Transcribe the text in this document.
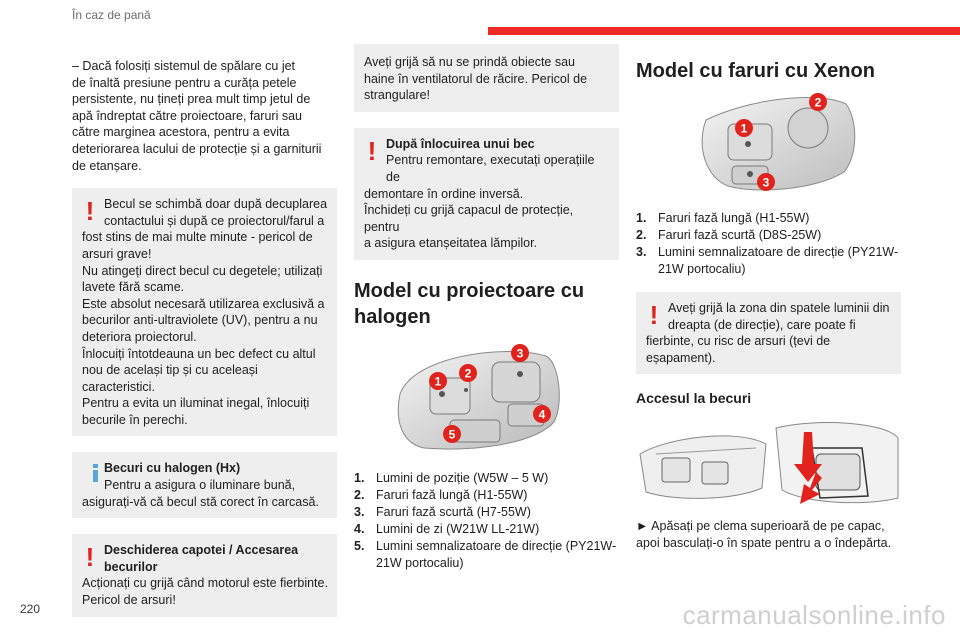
În caz de pană

– Dacă folosiți sistemul de spălare cu jet
de înaltă presiune pentru a curăța petele
persistente, nu țineți prea mult timp jetul de
apă îndreptat către proiectoare, faruri sau
către marginea acestora, pentru a evita
deteriorarea lacului de protecție și a garniturii
de etanșare.

! Becul se schimbă doar după decuplarea
contactului și după ce proiectorul/farul a
fost stins de mai multe minute - pericol de
arsuri grave!
Nu atingeți direct becul cu degetele; utilizați
lavete fără scame.
Este absolut necesară utilizarea exclusivă a
becurilor anti-ultraviolete (UV), pentru a nu
deteriora proiectorul.
Înlocuiți întotdeauna un bec defect cu altul
nou de același tip și cu aceleași caracteristici.
Pentru a evita un iluminat inegal, înlocuiți
becurile în perechi.
Becuri cu halogen (Hx)
Pentru a asigura o iluminare bună,
asigurați-vă că becul stă corect în carcasă.
! Deschiderea capotei / Accesarea
becurilor
Acționați cu grijă când motorul este fierbinte.
Pericol de arsuri!
Aveți grijă să nu se prindă obiecte sau
haine în ventilatorul de răcire. Pericol de
strangulare!
! După înlocuirea unui bec
Pentru remontare, executați operațiile de
demontare în ordine inversă.
Închideți cu grijă capacul de protecție, pentru
a asigura etanșeitatea lămpilor.
Model cu proiectoare cu
halogen
1
2
3
4
5
1. Lumini de poziție (W5W – 5 W)
2. Faruri fază lungă (H1-55W)
3. Faruri fază scurtă (H7-55W)
4. Lumini de zi (W21W LL-21W)
5. Lumini semnalizatoare de direcție (PY21W-
21W portocaliu)
Model cu faruri cu Xenon
1
2
3
1. Faruri fază lungă (H1-55W)
2. Faruri fază scurtă (D8S-25W)
3. Lumini semnalizatoare de direcție (PY21W-
21W portocaliu)
! Aveți grijă la zona din spatele luminii din
dreapta (de direcție), care poate fi
fierbinte, cu risc de arsuri (țevi de
eșapament).
Accesul la becuri

► Apăsați pe clema superioară de pe capac,
apoi basculați-o în spate pentru a o îndepărta.

220	carmanualsonline.info
